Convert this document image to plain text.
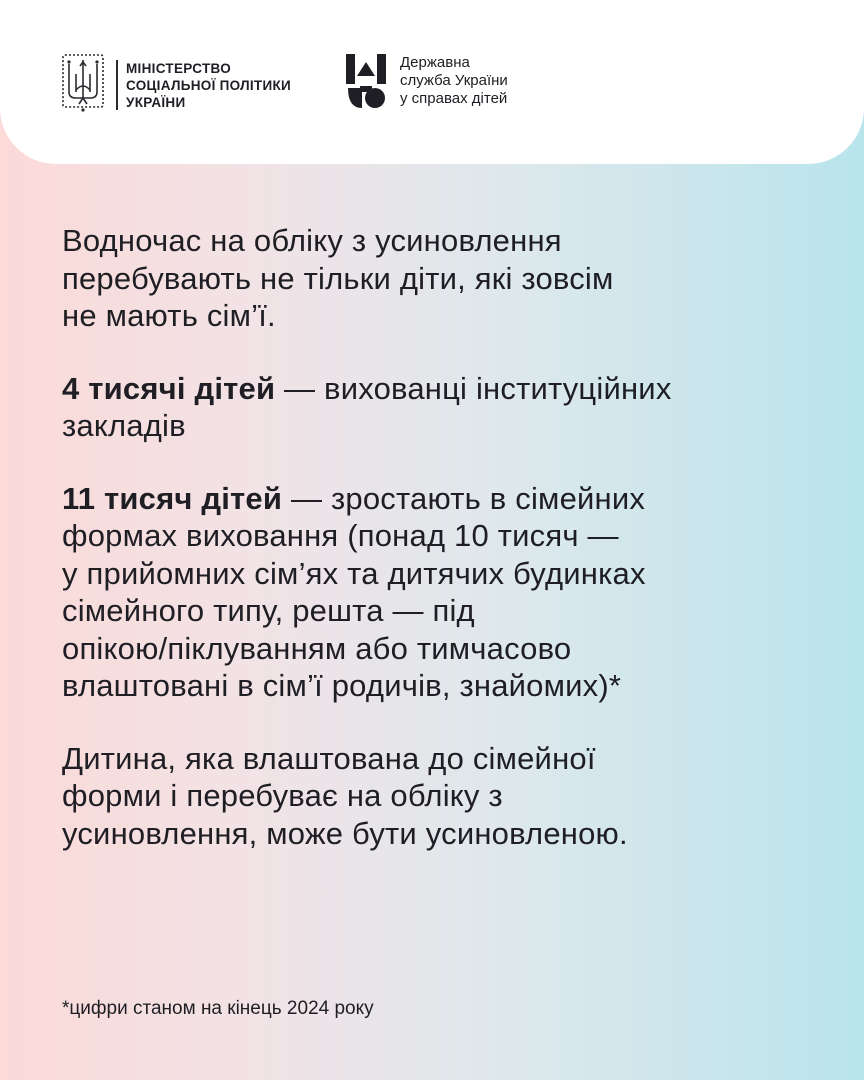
МІНІСТЕРСТВО
СОЦІАЛЬНОЇ ПОЛІТИКИ
УКРАЇНИ
Державна
служба України
у справах дітей

Водночас на обліку з усиновлення
перебувають не тільки діти, які зовсім
не мають сім’ї.

4 тисячі дітей — вихованці інституційних
закладів

11 тисяч дітей — зростають в сімейних
формах виховання (понад 10 тисяч —
у прийомних сім’ях та дитячих будинках
сімейного типу, решта — під
опікою/піклуванням або тимчасово
влаштовані в сім’ї родичів, знайомих)*

Дитина, яка влаштована до сімейної
форми і перебуває на обліку з
усиновлення, може бути усиновленою.

*цифри станом на кінець 2024 року
